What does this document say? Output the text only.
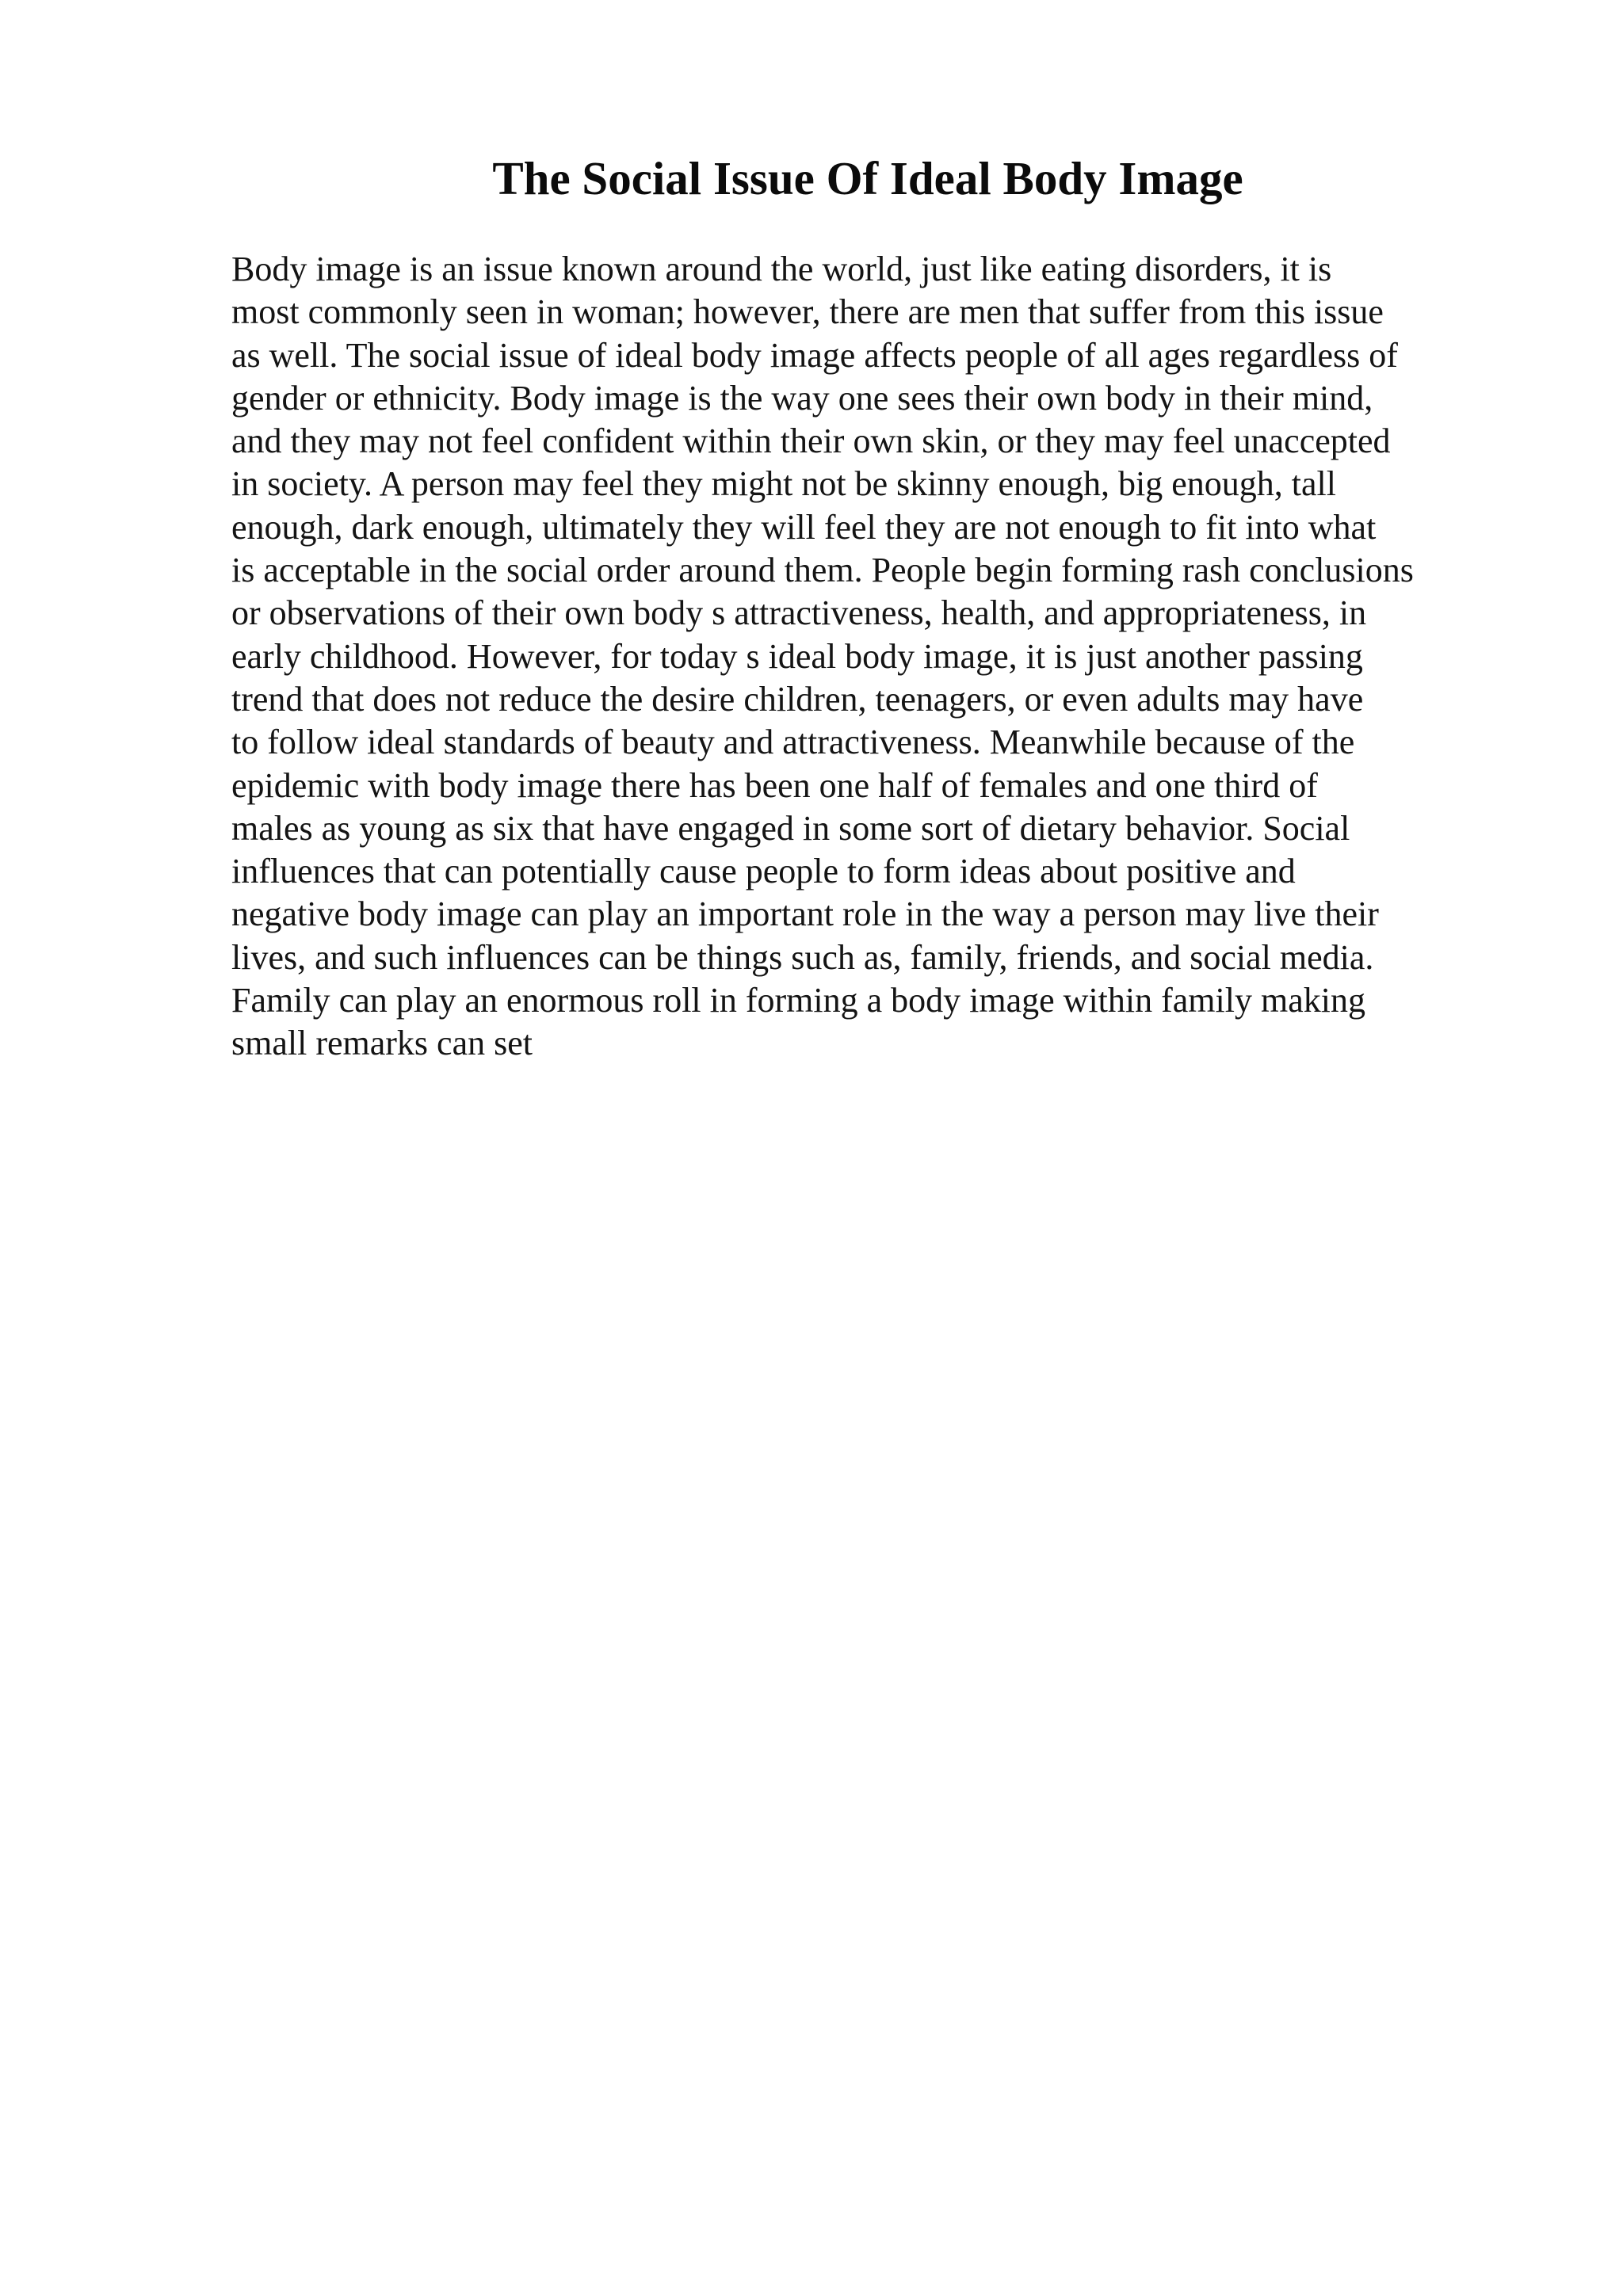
The Social Issue Of Ideal Body Image
Body image is an issue known around the world, just like eating disorders, it is
most commonly seen in woman; however, there are men that suffer from this issue
as well. The social issue of ideal body image affects people of all ages regardless of
gender or ethnicity. Body image is the way one sees their own body in their mind,
and they may not feel confident within their own skin, or they may feel unaccepted
in society. A person may feel they might not be skinny enough, big enough, tall
enough, dark enough, ultimately they will feel they are not enough to fit into what
is acceptable in the social order around them. People begin forming rash conclusions
or observations of their own body s attractiveness, health, and appropriateness, in
early childhood. However, for today s ideal body image, it is just another passing
trend that does not reduce the desire children, teenagers, or even adults may have
to follow ideal standards of beauty and attractiveness. Meanwhile because of the
epidemic with body image there has been one half of females and one third of
males as young as six that have engaged in some sort of dietary behavior. Social
influences that can potentially cause people to form ideas about positive and
negative body image can play an important role in the way a person may live their
lives, and such influences can be things such as, family, friends, and social media.
Family can play an enormous roll in forming a body image within family making
small remarks can set
